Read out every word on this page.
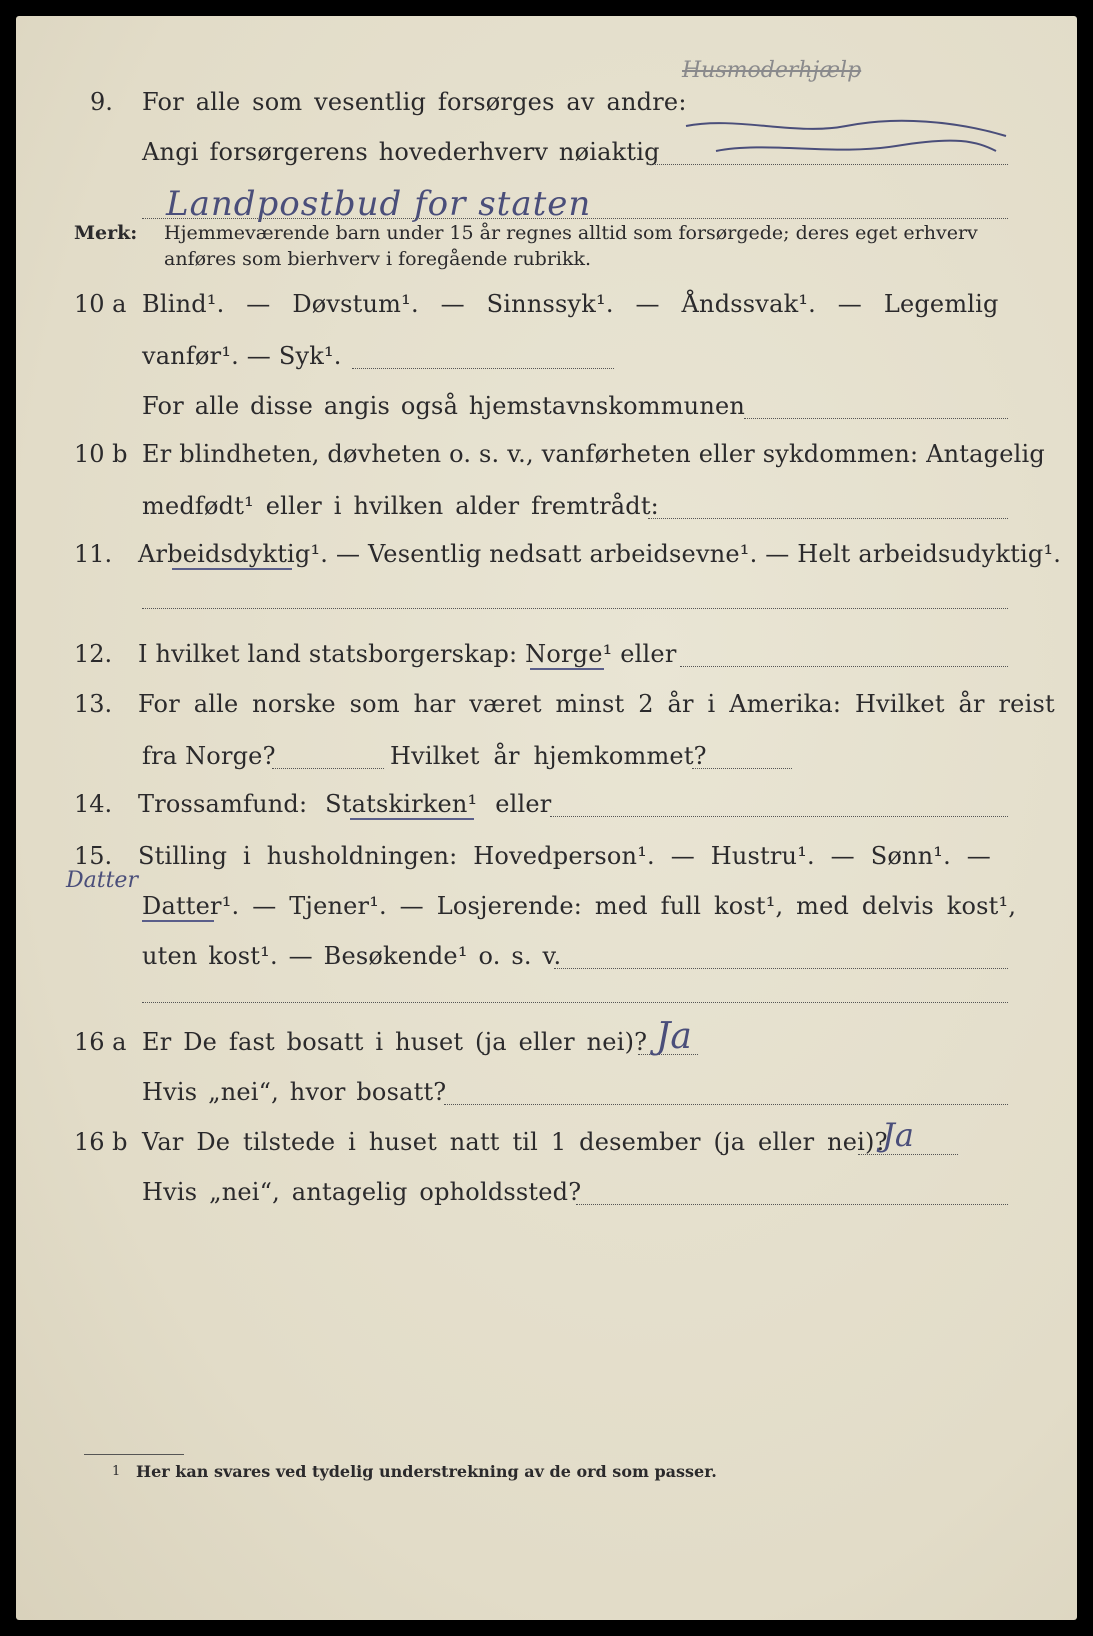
9. For alle som vesentlig forsørges av andre:
Angi forsørgerens hovederhverv nøiaktig
Landpostbud for staten
Husmoderhjælp
Merk: Hjemmeværende barn under 15 år regnes alltid som forsørgede; deres eget erhverv
anføres som bierhverv i foregående rubrikk.
10 a Blind¹. — Døvstum¹. — Sinnssyk¹. — Åndssvak¹. — Legemlig
vanfør¹. — Syk¹.
For alle disse angis også hjemstavnskommunen
10 b Er blindheten, døvheten o. s. v., vanførheten eller sykdommen: Antagelig
medfødt¹ eller i hvilken alder fremtrådt:
11. Arbeidsdyktig¹. — Vesentlig nedsatt arbeidsevne¹. — Helt arbeidsudyktig¹.
12. I hvilket land statsborgerskap: Norge¹ eller
13. For alle norske som har været minst 2 år i Amerika: Hvilket år reist
fra Norge?	Hvilket år hjemkommet?
14. Trossamfund: Statskirken¹ eller
15. Stilling i husholdningen: Hovedperson¹. — Hustru¹. — Sønn¹. —
Datter
Datter¹. — Tjener¹. — Losjerende: med full kost¹, med delvis kost¹,
uten kost¹. — Besøkende¹ o. s. v.
16 a Er De fast bosatt i huset (ja eller nei)? Ja
Hvis „nei“, hvor bosatt?
16 b Var De tilstede i huset natt til 1 desember (ja eller nei)?
Ja
Hvis „nei“, antagelig opholdssted?
1 Her kan svares ved tydelig understrekning av de ord som passer.
